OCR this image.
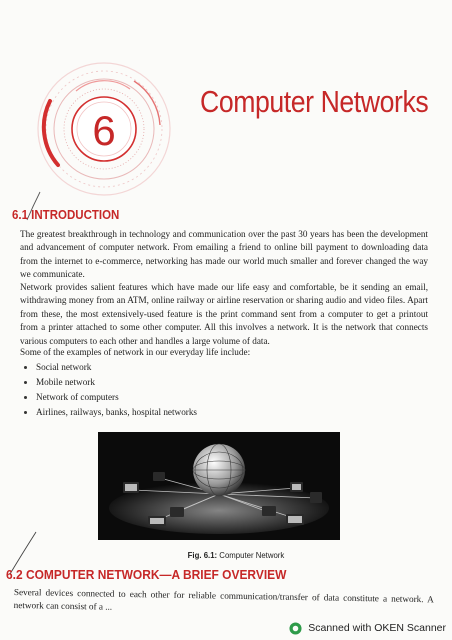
6
Computer Networks
6.1 INTRODUCTION

The greatest breakthrough in technology and communication over the past 30 years has been the development and advancement of computer network. From emailing a friend to online bill payment to downloading data from the internet to e-commerce, networking has made our world much smaller and forever changed the way we communicate.

Network provides salient features which have made our life easy and comfortable, be it sending an email, withdrawing money from an ATM, online railway or airline reservation or sharing audio and video files. Apart from these, the most extensively-used feature is the print command sent from a computer to get a printout from a printer attached to some other computer. All this involves a network. It is the network that connects various computers to each other and handles a large volume of data.

Some of the examples of network in our everyday life include:

Social network
Mobile network
Network of computers
Airlines, railways, banks, hospital networks
Fig. 6.1: Computer Network
6.2 COMPUTER NETWORK—A BRIEF OVERVIEW

Several devices connected to each other for reliable communication/transfer of data constitute a network. A network can consist of a ...

Scanned with OKEN Scanner
